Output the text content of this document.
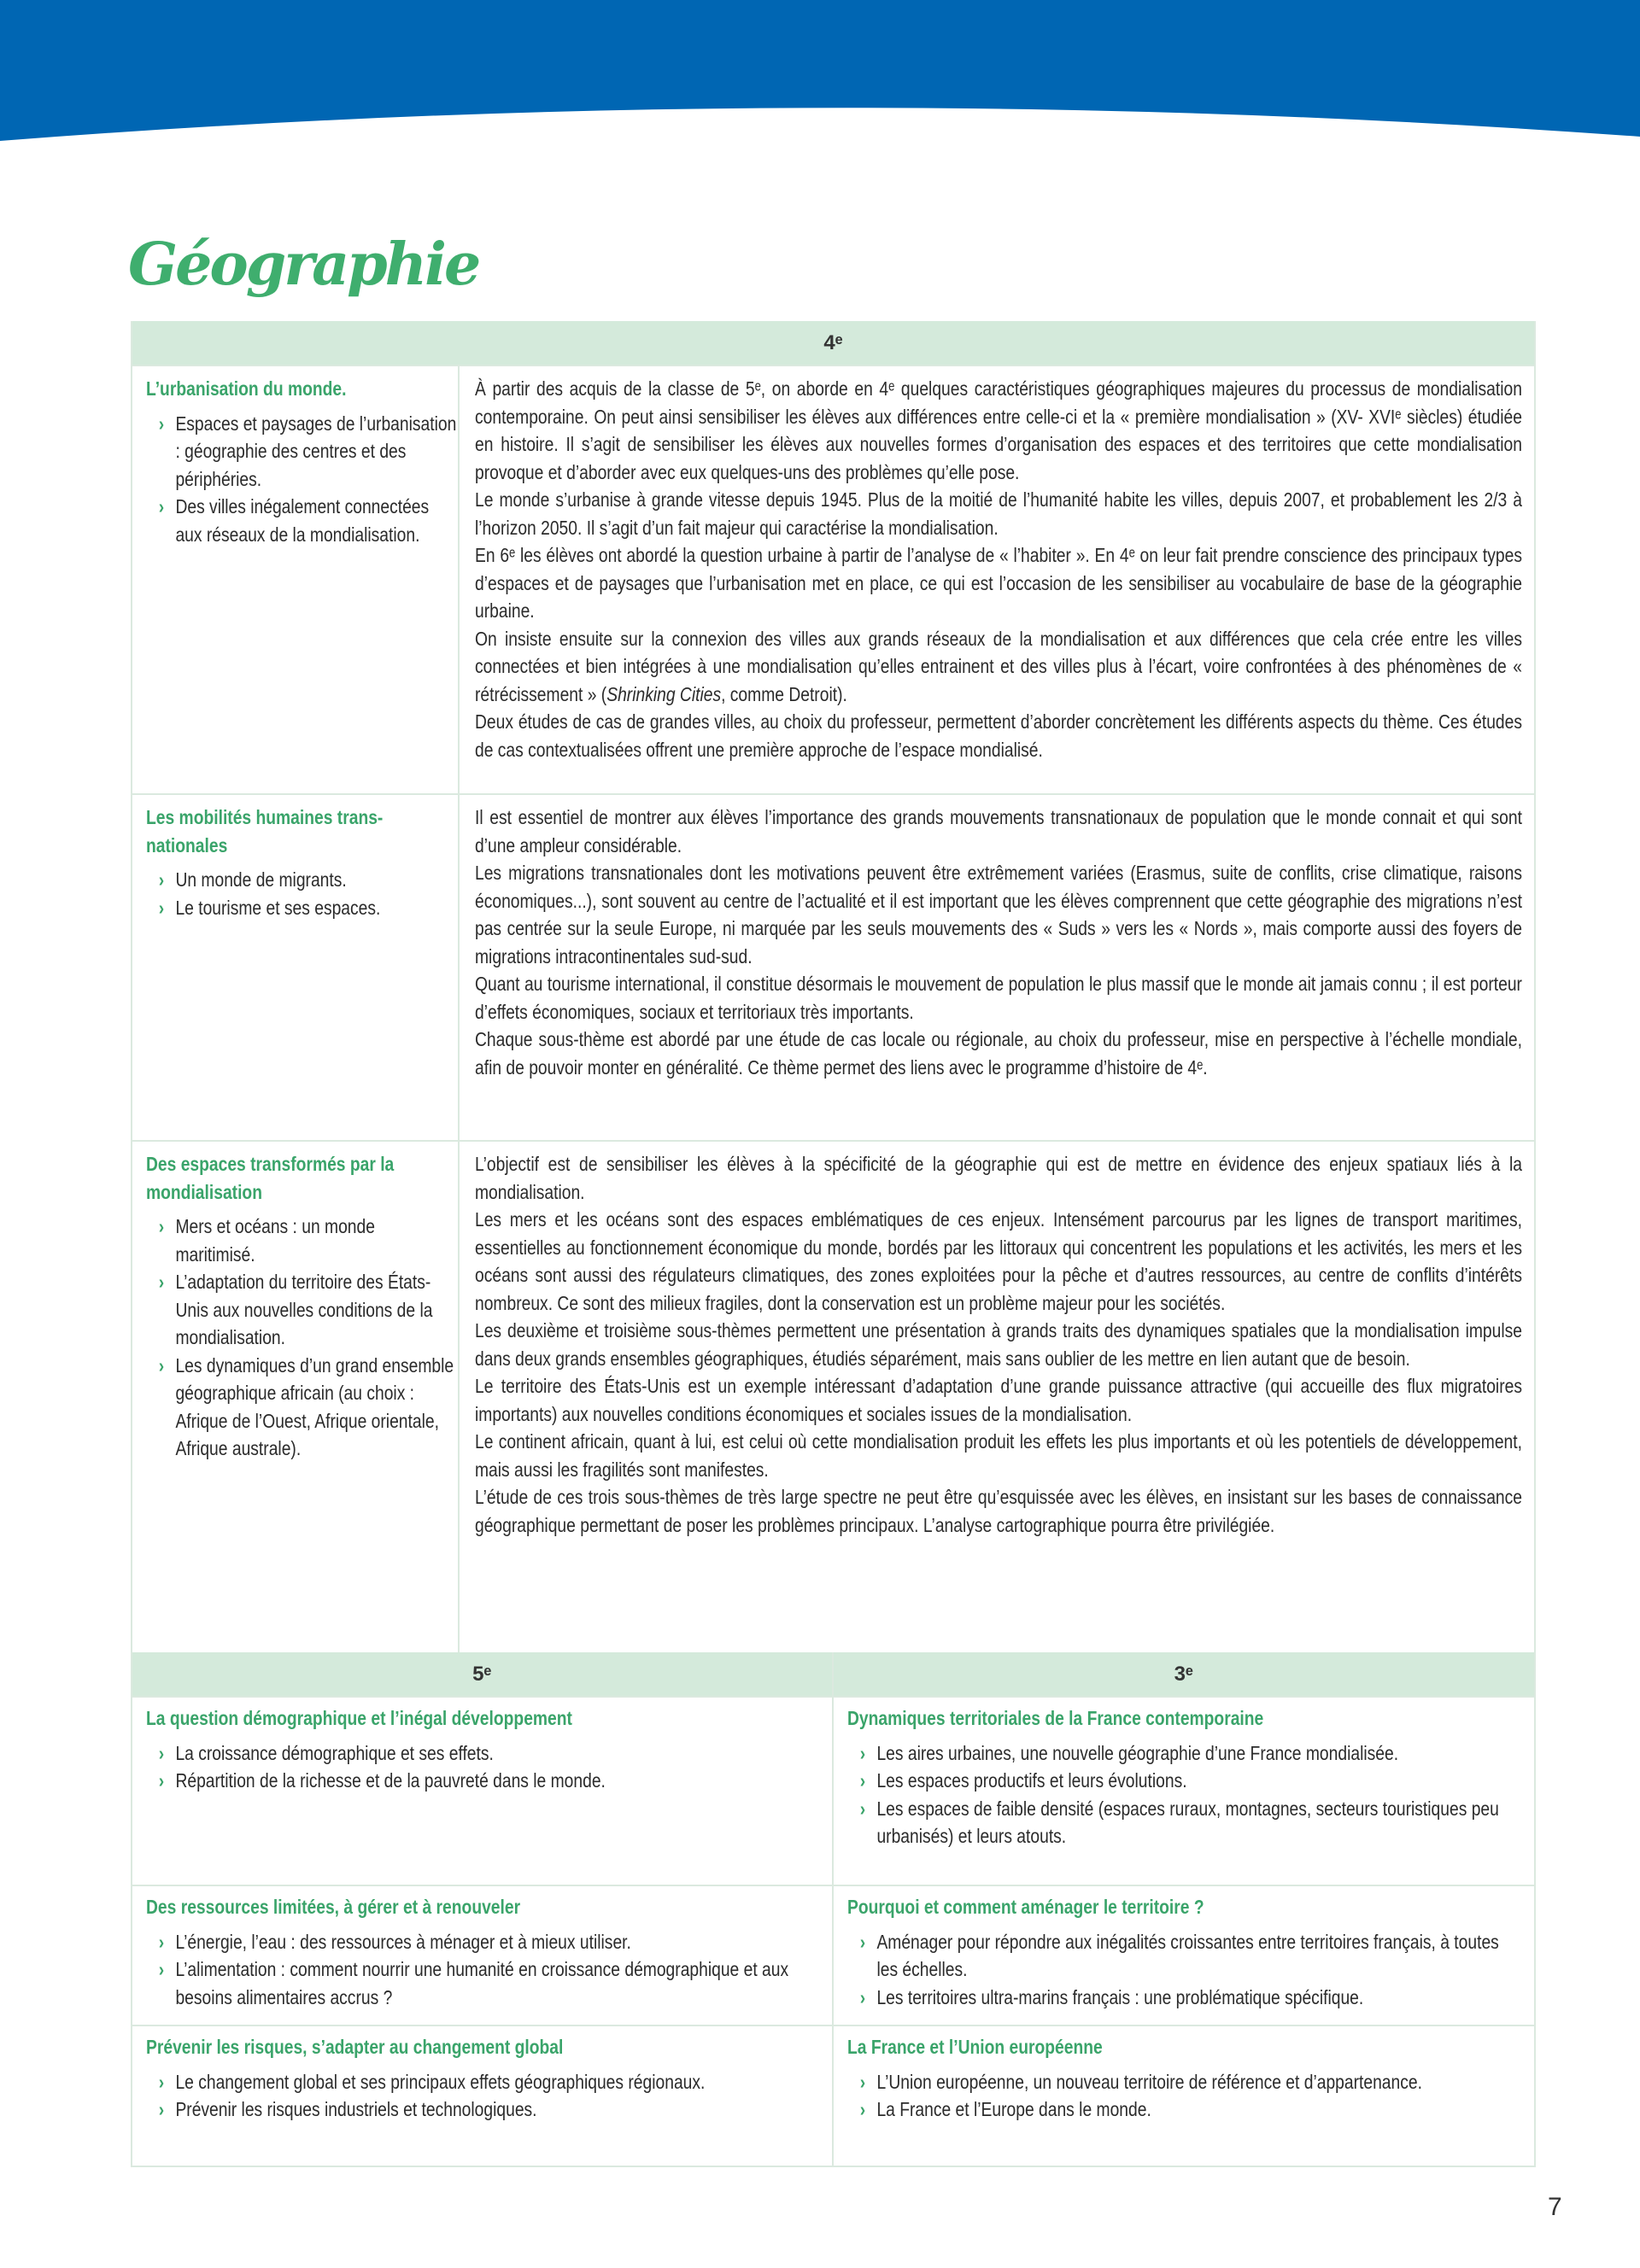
Géographie
4ᵉ
L’urbanisation du monde.
› Espaces et paysages de l’urbanisation : géographie des centres et des périphéries.
› Des villes inégalement connectées aux réseaux de la mondialisation.

À partir des acquis de la classe de 5ᵉ, on aborde en 4ᵉ quelques caractéristiques géographiques majeures du processus de mondialisation contemporaine. On peut ainsi sensibiliser les élèves aux différences entre celle-ci et la « première mondialisation » (XV- XVIᵉ siècles) étudiée en histoire. Il s’agit de sensibiliser les élèves aux nouvelles formes d’organisation des espaces et des territoires que cette mondialisation provoque et d’aborder avec eux quelques-uns des problèmes qu’elle pose.

Le monde s’urbanise à grande vitesse depuis 1945. Plus de la moitié de l’humanité habite les villes, depuis 2007, et probablement les 2/3 à l’horizon 2050. Il s’agit d’un fait majeur qui caractérise la mondialisation.

En 6ᵉ les élèves ont abordé la question urbaine à partir de l’analyse de « l’habiter ». En 4ᵉ on leur fait prendre conscience des principaux types d’espaces et de paysages que l’urbanisation met en place, ce qui est l’occasion de les sensibiliser au vocabulaire de base de la géographie urbaine.

On insiste ensuite sur la connexion des villes aux grands réseaux de la mondialisation et aux différences que cela crée entre les villes connectées et bien intégrées à une mondialisation qu’elles entrainent et des villes plus à l’écart, voire confrontées à des phénomènes de « rétrécissement » (Shrinking Cities, comme Detroit).

Deux études de cas de grandes villes, au choix du professeur, permettent d’aborder concrètement les différents aspects du thème. Ces études de cas contextualisées offrent une première approche de l’espace mondialisé.

Les mobilités humaines transnationales
› Un monde de migrants.
› Le tourisme et ses espaces.

Il est essentiel de montrer aux élèves l’importance des grands mouvements transnationaux de population que le monde connait et qui sont d’une ampleur considérable.

Les migrations transnationales dont les motivations peuvent être extrêmement variées (Erasmus, suite de conflits, crise climatique, raisons économiques...), sont souvent au centre de l’actualité et il est important que les élèves comprennent que cette géographie des migrations n’est pas centrée sur la seule Europe, ni marquée par les seuls mouvements des « Suds » vers les « Nords », mais comporte aussi des foyers de migrations intracontinentales sud-sud.

Quant au tourisme international, il constitue désormais le mouvement de population le plus massif que le monde ait jamais connu ; il est porteur d’effets économiques, sociaux et territoriaux très importants.

Chaque sous-thème est abordé par une étude de cas locale ou régionale, au choix du professeur, mise en perspective à l’échelle mondiale, afin de pouvoir monter en généralité. Ce thème permet des liens avec le programme d’histoire de 4ᵉ.

Des espaces transformés par la mondialisation
› Mers et océans : un monde maritimisé.
› L’adaptation du territoire des États-Unis aux nouvelles conditions de la mondialisation.
› Les dynamiques d’un grand ensemble géographique africain (au choix : Afrique de l’Ouest, Afrique orientale, Afrique australe).

L’objectif est de sensibiliser les élèves à la spécificité de la géographie qui est de mettre en évidence des enjeux spatiaux liés à la mondialisation.

Les mers et les océans sont des espaces emblématiques de ces enjeux. Intensément parcourus par les lignes de transport maritimes, essentielles au fonctionnement économique du monde, bordés par les littoraux qui concentrent les populations et les activités, les mers et les océans sont aussi des régulateurs climatiques, des zones exploitées pour la pêche et d’autres ressources, au centre de conflits d’intérêts nombreux. Ce sont des milieux fragiles, dont la conservation est un problème majeur pour les sociétés.

Les deuxième et troisième sous-thèmes permettent une présentation à grands traits des dynamiques spatiales que la mondialisation impulse dans deux grands ensembles géographiques, étudiés séparément, mais sans oublier de les mettre en lien autant que de besoin.

Le territoire des États-Unis est un exemple intéressant d’adaptation d’une grande puissance attractive (qui accueille des flux migratoires importants) aux nouvelles conditions économiques et sociales issues de la mondialisation.

Le continent africain, quant à lui, est celui où cette mondialisation produit les effets les plus importants et où les potentiels de développement, mais aussi les fragilités sont manifestes.

L’étude de ces trois sous-thèmes de très large spectre ne peut être qu’esquissée avec les élèves, en insistant sur les bases de connaissance géographique permettant de poser les problèmes principaux. L’analyse cartographique pourra être privilégiée.

5ᵉ
La question démographique et l’inégal développement
› La croissance démographique et ses effets.
› Répartition de la richesse et de la pauvreté dans le monde.
Des ressources limitées, à gérer et à renouveler
› L’énergie, l’eau : des ressources à ménager et à mieux utiliser.
› L’alimentation : comment nourrir une humanité en croissance démographique et aux besoins alimentaires accrus ?
Prévenir les risques, s’adapter au changement global
› Le changement global et ses principaux effets géographiques régionaux.
› Prévenir les risques industriels et technologiques.
3ᵉ
Dynamiques territoriales de la France contemporaine
› Les aires urbaines, une nouvelle géographie d’une France mondialisée.
› Les espaces productifs et leurs évolutions.
› Les espaces de faible densité (espaces ruraux, montagnes, secteurs touristiques peu urbanisés) et leurs atouts.
Pourquoi et comment aménager le territoire ?
› Aménager pour répondre aux inégalités croissantes entre territoires français, à toutes les échelles.
› Les territoires ultra-marins français : une problématique spécifique.
La France et l’Union européenne
› L’Union européenne, un nouveau territoire de référence et d’appartenance.
› La France et l’Europe dans le monde.
7
